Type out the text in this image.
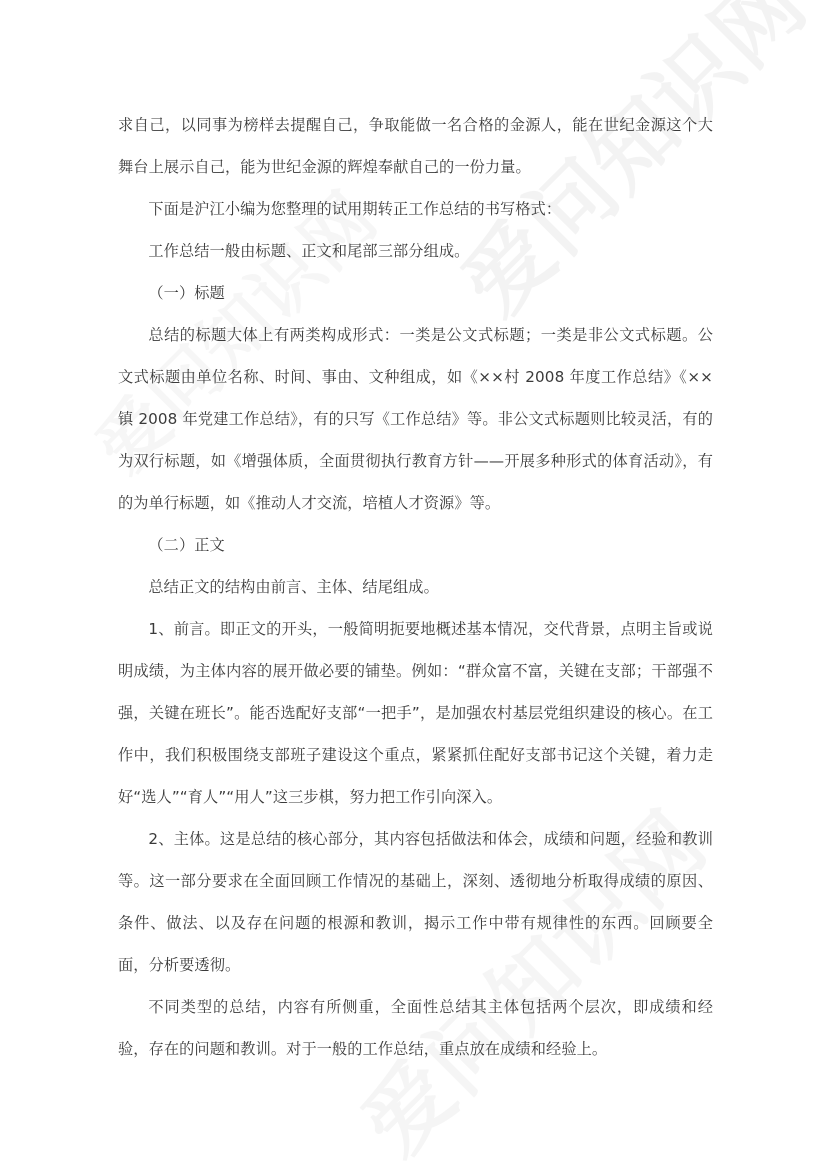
求自己，以同事为榜样去提醒自己，争取能做一名合格的金源人，能在世纪金源这个大舞台上展示自己，能为世纪金源的辉煌奉献自己的一份力量。

下面是沪江小编为您整理的试用期转正工作总结的书写格式：

工作总结一般由标题、正文和尾部三部分组成。

（一）标题

总结的标题大体上有两类构成形式：一类是公文式标题；一类是非公文式标题。公文式标题由单位名称、时间、事由、文种组成，如《××村 2008 年度工作总结》《××镇 2008 年党建工作总结》，有的只写《工作总结》等。非公文式标题则比较灵活，有的为双行标题，如《增强体质，全面贯彻执行教育方针——开展多种形式的体育活动》，有的为单行标题，如《推动人才交流，培植人才资源》等。

（二）正文

总结正文的结构由前言、主体、结尾组成。

1、前言。即正文的开头，一般简明扼要地概述基本情况，交代背景，点明主旨或说明成绩，为主体内容的展开做必要的铺垫。例如：“群众富不富，关键在支部；干部强不强，关键在班长”。能否选配好支部“一把手”，是加强农村基层党组织建设的核心。在工作中，我们积极围绕支部班子建设这个重点，紧紧抓住配好支部书记这个关键，着力走好“选人”“育人”“用人”这三步棋，努力把工作引向深入。

2、主体。这是总结的核心部分，其内容包括做法和体会，成绩和问题，经验和教训等。这一部分要求在全面回顾工作情况的基础上，深刻、透彻地分析取得成绩的原因、条件、做法、以及存在问题的根源和教训，揭示工作中带有规律性的东西。回顾要全面，分析要透彻。

不同类型的总结，内容有所侧重，全面性总结其主体包括两个层次，即成绩和经验，存在的问题和教训。对于一般的工作总结，重点放在成绩和经验上。
